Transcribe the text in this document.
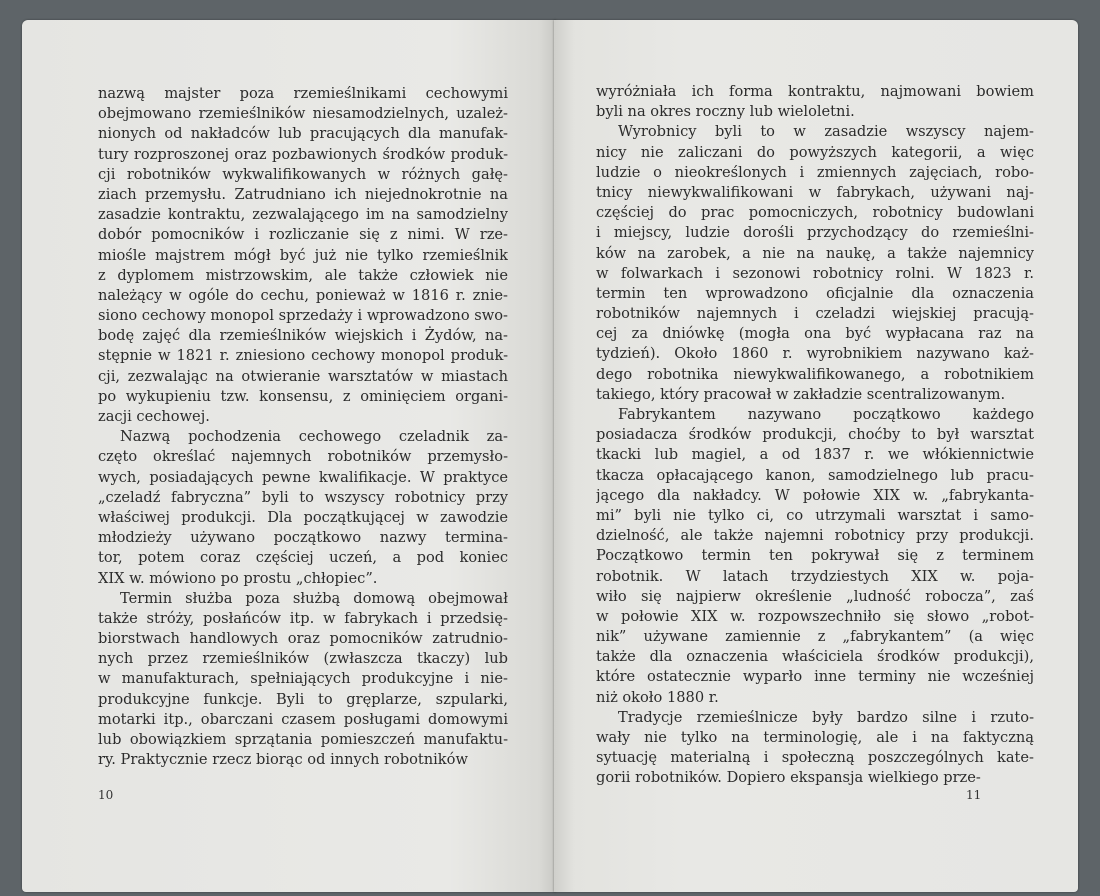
nazwą majster poza rzemieślnikami cechowymi
obejmowano rzemieślników niesamodzielnych, uzależ-
nionych od nakładców lub pracujących dla manufak-
tury rozproszonej oraz pozbawionych środków produk-
cji robotników wykwalifikowanych w różnych gałę-
ziach przemysłu. Zatrudniano ich niejednokrotnie na
zasadzie kontraktu, zezwalającego im na samodzielny
dobór pomocników i rozliczanie się z nimi. W rze-
miośle majstrem mógł być już nie tylko rzemieślnik
z dyplomem mistrzowskim, ale także człowiek nie
należący w ogóle do cechu, ponieważ w 1816 r. znie-
siono cechowy monopol sprzedaży i wprowadzono swo-
bodę zajęć dla rzemieślników wiejskich i Żydów, na-
stępnie w 1821 r. zniesiono cechowy monopol produk-
cji, zezwalając na otwieranie warsztatów w miastach
po wykupieniu tzw. konsensu, z ominięciem organi-
zacji cechowej.
Nazwą pochodzenia cechowego czeladnik za-
częto określać najemnych robotników przemysło-
wych, posiadających pewne kwalifikacje. W praktyce
„czeladź fabryczna” byli to wszyscy robotnicy przy
właściwej produkcji. Dla początkującej w zawodzie
młodzieży używano początkowo nazwy terminа-
tor, potem coraz częściej uczeń, a pod koniec
XIX w. mówiono po prostu „chłopiec”.
Termin służba poza służbą domową obejmował
także stróży, posłańców itp. w fabrykach i przedsię-
biorstwach handlowych oraz pomocników zatrudnio-
nych przez rzemieślników (zwłaszcza tkaczy) lub
w manufakturach, spełniających produkcyjne i nie-
produkcyjne funkcje. Byli to gręplarze, szpularki,
motarki itp., obarczani czasem posługami domowymi
lub obowiązkiem sprzątania pomieszczeń manufaktu-
ry. Praktycznie rzecz biorąc od innych robotników
10
wyróżniała ich forma kontraktu, najmowani bowiem
byli na okres roczny lub wieloletni.
Wyrobnicy byli to w zasadzie wszyscy najem-
nicy nie zaliczani do powyższych kategorii, a więc
ludzie o nieokreślonych i zmiennych zajęciach, robo-
tnicy niewykwalifikowani w fabrykach, używani naj-
częściej do prac pomocniczych, robotnicy budowlani
i miejscy, ludzie dorośli przychodzący do rzemieślni-
ków na zarobek, a nie na naukę, a także najemnicy
w folwarkach i sezonowi robotnicy rolni. W 1823 r.
termin ten wprowadzono oficjalnie dla oznaczenia
robotników najemnych i czeladzi wiejskiej pracują-
cej za dniówkę (mogła ona być wypłacana raz na
tydzień). Około 1860 r. wyrobnikiem nazywano każ-
dego robotnika niewykwalifikowanego, a robotnikiem
takiego, który pracował w zakładzie scentralizowanym.
Fabrykantem nazywano początkowo każdego
posiadacza środków produkcji, choćby to był warsztat
tkacki lub magiel, a od 1837 r. we włókiennictwie
tkacza opłacającego kanon, samodzielnego lub pracu-
jącego dla nakładcy. W połowie XIX w. „fabrykanta-
mi” byli nie tylko ci, co utrzymali warsztat i samo-
dzielność, ale także najemni robotnicy przy produkcji.
Początkowo termin ten pokrywał się z terminem
robotnik. W latach trzydziestych XIX w. poja-
wiło się najpierw określenie „ludność robocza”, zaś
w połowie XIX w. rozpowszechniło się słowo „robot-
nik” używane zamiennie z „fabrykantem” (a więc
także dla oznaczenia właściciela środków produkcji),
które ostatecznie wyparło inne terminy nie wcześniej
niż około 1880 r.
Tradycje rzemieślnicze były bardzo silne i rzuto-
wały nie tylko na terminologię, ale i na faktyczną
sytuację materialną i społeczną poszczególnych kate-
gorii robotników. Dopiero ekspansja wielkiego prze-
11
